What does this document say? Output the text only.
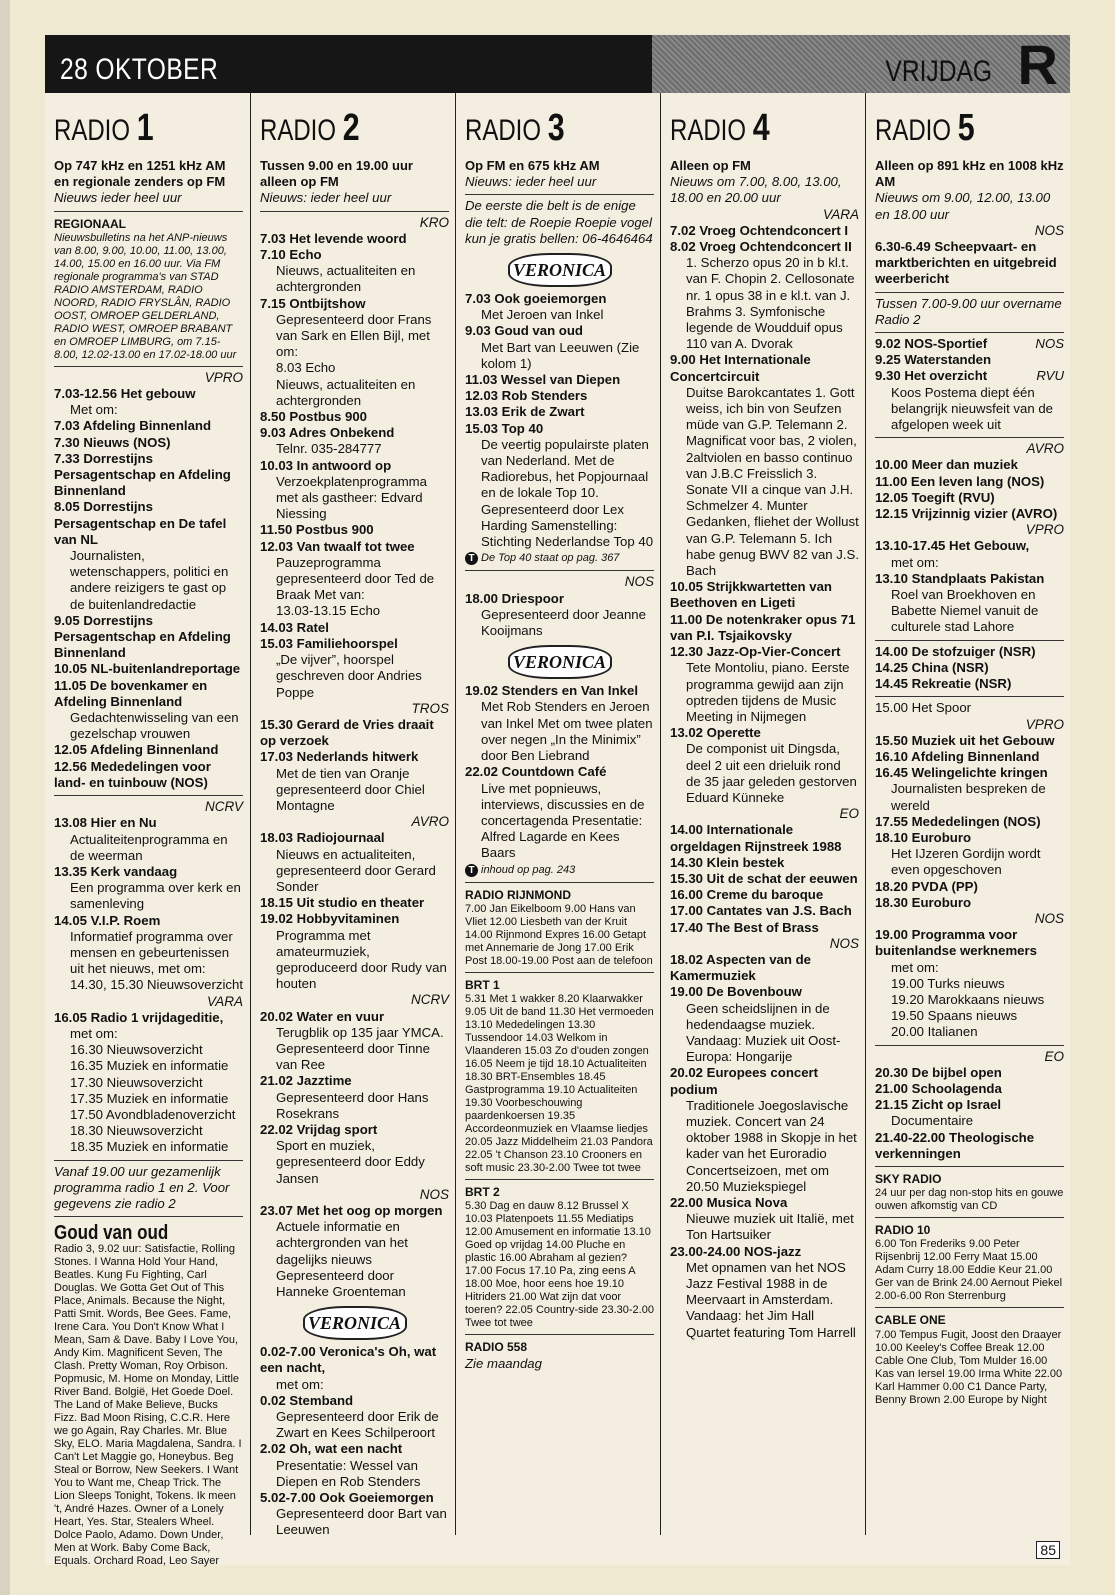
28 OKTOBER	VRIJDAG R
RADIO 1
Op 747 kHz en 1251 kHz AM en regionale zenders op FM
Nieuws ieder heel uur
REGIONAAL
Nieuwsbulletins na het ANP-nieuws van 8.00, 9.00, 10.00, 11.00, 13.00, 14.00, 15.00 en 16.00 uur. Via FM regionale programma's van STAD RADIO AMSTERDAM, RADIO NOORD, RADIO FRYSLÂN, RADIO OOST, OMROEP GELDERLAND, RADIO WEST, OMROEP BRABANT en OMROEP LIMBURG, om 7.15-8.00, 12.02-13.00 en 17.02-18.00 uur
VPRO
7.03-12.56 Het gebouw
Met om:
7.03 Afdeling Binnenland
7.30 Nieuws (NOS)
7.33 Dorrestijns Persagentschap en Afdeling Binnenland
8.05 Dorrestijns Persagentschap en De tafel van NL
Journalisten, wetenschappers, politici en andere reizigers te gast op de buitenlandredactie
9.05 Dorrestijns Persagentschap en Afdeling Binnenland
10.05 NL-buitenlandreportage
11.05 De bovenkamer en Afdeling Binnenland
Gedachtenwisseling van een gezelschap vrouwen
12.05 Afdeling Binnenland
12.56 Mededelingen voor land- en tuinbouw (NOS)
NCRV
13.08 Hier en Nu
Actualiteitenprogramma en de weerman
13.35 Kerk vandaag
Een programma over kerk en samenleving
14.05 V.I.P. Roem
Informatief programma over mensen en gebeurtenissen uit het nieuws, met om:
14.30, 15.30 Nieuwsoverzicht
VARA
16.05 Radio 1 vrijdageditie,
met om:
16.30 Nieuwsoverzicht
16.35 Muziek en informatie
17.30 Nieuwsoverzicht
17.35 Muziek en informatie
17.50 Avondbladenoverzicht
18.30 Nieuwsoverzicht
18.35 Muziek en informatie
Vanaf 19.00 uur gezamenlijk programma radio 1 en 2. Voor gegevens zie radio 2
Goud van oud
Radio 3, 9.02 uur: Satisfactie, Rolling Stones. I Wanna Hold Your Hand, Beatles. Kung Fu Fighting, Carl Douglas. We Gotta Get Out of This Place, Animals. Because the Night, Patti Smit. Words, Bee Gees. Fame, Irene Cara. You Don't Know What I Mean, Sam & Dave. Baby I Love You, Andy Kim. Magnificent Seven, The Clash. Pretty Woman, Roy Orbison. Popmusic, M. Home on Monday, Little River Band. Bolgië, Het Goede Doel. The Land of Make Believe, Bucks Fizz. Bad Moon Rising, C.C.R. Here we go Again, Ray Charles. Mr. Blue Sky, ELO. Maria Magdalena, Sandra. I Can't Let Maggie go, Honeybus. Beg Steal or Borrow, New Seekers. I Want You to Want me, Cheap Trick. The Lion Sleeps Tonight, Tokens. Ik meen 't, André Hazes. Owner of a Lonely Heart, Yes. Star, Stealers Wheel. Dolce Paolo, Adamo. Down Under, Men at Work. Baby Come Back, Equals. Orchard Road, Leo Sayer
RADIO 2
Tussen 9.00 en 19.00 uur alleen op FM
Nieuws: ieder heel uur
KRO
7.03 Het levende woord
7.10 Echo
Nieuws, actualiteiten en achtergronden
7.15 Ontbijtshow
Gepresenteerd door Frans van Sark en Ellen Bijl, met om:
8.03 Echo
Nieuws, actualiteiten en achtergronden
8.50 Postbus 900
9.03 Adres Onbekend
Telnr. 035-284777
10.03 In antwoord op
Verzoekplatenprogramma met als gastheer: Edvard Niessing
11.50 Postbus 900
12.03 Van twaalf tot twee
Pauzeprogramma gepresenteerd door Ted de Braak Met van:
13.03-13.15 Echo
14.03 Ratel
15.03 Familiehoorspel
„De vijver”, hoorspel geschreven door Andries Poppe
TROS
15.30 Gerard de Vries draait op verzoek
17.03 Nederlands hitwerk
Met de tien van Oranje gepresenteerd door Chiel Montagne
AVRO
18.03 Radiojournaal
Nieuws en actualiteiten, gepresenteerd door Gerard Sonder
18.15 Uit studio en theater
19.02 Hobbyvitaminen
Programma met amateurmuziek, geproduceerd door Rudy van houten
NCRV
20.02 Water en vuur
Terugblik op 135 jaar YMCA. Gepresenteerd door Tinne van Ree
21.02 Jazztime
Gepresenteerd door Hans Rosekrans
22.02 Vrijdag sport
Sport en muziek, gepresenteerd door Eddy Jansen
NOS
23.07 Met het oog op morgen
Actuele informatie en achtergronden van het dagelijks nieuws Gepresenteerd door Hanneke Groenteman
VERONICA
0.02-7.00 Veronica's Oh, wat een nacht,
met om:
0.02 Stemband
Gepresenteerd door Erik de Zwart en Kees Schilperoort
2.02 Oh, wat een nacht
Presentatie: Wessel van Diepen en Rob Stenders
5.02-7.00 Ook Goeiemorgen
Gepresenteerd door Bart van Leeuwen
RADIO 3
Op FM en 675 kHz AM
Nieuws: ieder heel uur
De eerste die belt is de enige die telt: de Roepie Roepie vogel kun je gratis bellen: 06-4646464
VERONICA
7.03 Ook goeiemorgen
Met Jeroen van Inkel
9.03 Goud van oud
Met Bart van Leeuwen (Zie kolom 1)
11.03 Wessel van Diepen
12.03 Rob Stenders
13.03 Erik de Zwart
15.03 Top 40
De veertig populairste platen van Nederland. Met de Radiorebus, het Popjournaal en de lokale Top 10. Gepresenteerd door Lex Harding Samenstelling: Stichting Nederlandse Top 40
T De Top 40 staat op pag. 367
NOS
18.00 Driespoor
Gepresenteerd door Jeanne Kooijmans
VERONICA
19.02 Stenders en Van Inkel
Met Rob Stenders en Jeroen van Inkel Met om twee platen over negen „In the Minimix” door Ben Liebrand
22.02 Countdown Café
Live met popnieuws, interviews, discussies en de concertagenda Presentatie: Alfred Lagarde en Kees Baars
T inhoud op pag. 243
RADIO RIJNMOND
7.00 Jan Eikelboom 9.00 Hans van Vliet 12.00 Liesbeth van der Kruit 14.00 Rijnmond Expres 16.00 Getapt met Annemarie de Jong 17.00 Erik Post 18.00-19.00 Post aan de telefoon
BRT 1
5.31 Met 1 wakker 8.20 Klaarwakker 9.05 Uit de band 11.30 Het vermoeden 13.10 Mededelingen 13.30 Tussendoor 14.03 Welkom in Vlaanderen 15.03 Zo d'ouden zongen 16.05 Neem je tijd 18.10 Actualiteiten 18.30 BRT-Ensembles 18.45 Gastprogramma 19.10 Actualiteiten 19.30 Voorbeschouwing paardenkoersen 19.35 Accordeonmuziek en Vlaamse liedjes 20.05 Jazz Middelheim 21.03 Pandora 22.05 't Chanson 23.10 Crooners en soft music 23.30-2.00 Twee tot twee
BRT 2
5.30 Dag en dauw 8.12 Brussel X 10.03 Platenpoets 11.55 Mediatips 12.00 Amusement en informatie 13.10 Goed op vrijdag 14.00 Pluche en plastic 16.00 Abraham al gezien? 17.00 Focus 17.10 Pa, zing eens A 18.00 Moe, hoor eens hoe 19.10 Hitriders 21.00 Wat zijn dat voor toeren? 22.05 Country-side 23.30-2.00 Twee tot twee
RADIO 558
Zie maandag
RADIO 4
Alleen op FM
Nieuws om 7.00, 8.00, 13.00, 18.00 en 20.00 uur
VARA
7.02 Vroeg Ochtendconcert I
8.02 Vroeg Ochtendconcert II
1. Scherzo opus 20 in b kl.t. van F. Chopin 2. Cellosonate nr. 1 opus 38 in e kl.t. van J. Brahms 3. Symfonische legende de Woudduif opus 110 van A. Dvorak
9.00 Het Internationale Concertcircuit
Duitse Barokcantates 1. Gott weiss, ich bin von Seufzen müde van G.P. Telemann 2. Magnificat voor bas, 2 violen, 2altviolen en basso continuo van J.B.C Freisslich 3. Sonate VII a cinque van J.H. Schmelzer 4. Munter Gedanken, fliehet der Wollust van G.P. Telemann 5. Ich habe genug BWV 82 van J.S. Bach
10.05 Strijkkwartetten van Beethoven en Ligeti
11.00 De notenkraker opus 71 van P.I. Tsjaikovsky
12.30 Jazz-Op-Vier-Concert
Tete Montoliu, piano. Eerste programma gewijd aan zijn optreden tijdens de Music Meeting in Nijmegen
13.02 Operette
De componist uit Dingsda, deel 2 uit een drieluik rond de 35 jaar geleden gestorven Eduard Künneke
EO
14.00 Internationale orgeldagen Rijnstreek 1988
14.30 Klein bestek
15.30 Uit de schat der eeuwen
16.00 Creme du baroque
17.00 Cantates van J.S. Bach
17.40 The Best of Brass
NOS
18.02 Aspecten van de Kamermuziek
19.00 De Bovenbouw
Geen scheidslijnen in de hedendaagse muziek. Vandaag: Muziek uit Oost-Europa: Hongarije
20.02 Europees concert podium
Traditionele Joegoslavische muziek. Concert van 24 oktober 1988 in Skopje in het kader van het Euroradio Concertseizoen, met om
20.50 Muziekspiegel
22.00 Musica Nova
Nieuwe muziek uit Italië, met Ton Hartsuiker
23.00-24.00 NOS-jazz
Met opnamen van het NOS Jazz Festival 1988 in de Meervaart in Amsterdam. Vandaag: het Jim Hall Quartet featuring Tom Harrell
RADIO 5
Alleen op 891 kHz en 1008 kHz AM
Nieuws om 9.00, 12.00, 13.00 en 18.00 uur
NOS
6.30-6.49 Scheepvaart- en marktberichten en uitgebreid weerbericht
Tussen 7.00-9.00 uur overname Radio 2
9.02 NOS-Sportief	NOS
9.25 Waterstanden
9.30 Het overzicht	RVU
Koos Postema diept één belangrijk nieuwsfeit van de afgelopen week uit
AVRO
10.00 Meer dan muziek
11.00 Een leven lang (NOS)
12.05 Toegift (RVU)
12.15 Vrijzinnig vizier (AVRO)
VPRO
13.10-17.45 Het Gebouw,
met om:
13.10 Standplaats Pakistan
Roel van Broekhoven en Babette Niemel vanuit de culturele stad Lahore
14.00 De stofzuiger (NSR)
14.25 China (NSR)
14.45 Rekreatie (NSR)
15.00 Het Spoor
VPRO
15.50 Muziek uit het Gebouw
16.10 Afdeling Binnenland
16.45 Welingelichte kringen
Journalisten bespreken de wereld
17.55 Mededelingen (NOS)
18.10 Euroburo
Het IJzeren Gordijn wordt even opgeschoven
18.20 PVDA (PP)
18.30 Euroburo
NOS
19.00 Programma voor buitenlandse werknemers
met om:
19.00 Turks nieuws
19.20 Marokkaans nieuws
19.50 Spaans nieuws
20.00 Italianen
EO
20.30 De bijbel open
21.00 Schoolagenda
21.15 Zicht op Israel
Documentaire
21.40-22.00 Theologische verkenningen
SKY RADIO
24 uur per dag non-stop hits en gouwe ouwen afkomstig van CD
RADIO 10
6.00 Ton Frederiks 9.00 Peter Rijsenbrij 12.00 Ferry Maat 15.00 Adam Curry 18.00 Eddie Keur 21.00 Ger van de Brink 24.00 Aernout Piekel 2.00-6.00 Ron Sterrenburg
CABLE ONE
7.00 Tempus Fugit, Joost den Draayer 10.00 Keeley's Coffee Break 12.00 Cable One Club, Tom Mulder 16.00 Kas van Iersel 19.00 Irma White 22.00 Karl Hammer 0.00 C1 Dance Party, Benny Brown 2.00 Europe by Night
85
